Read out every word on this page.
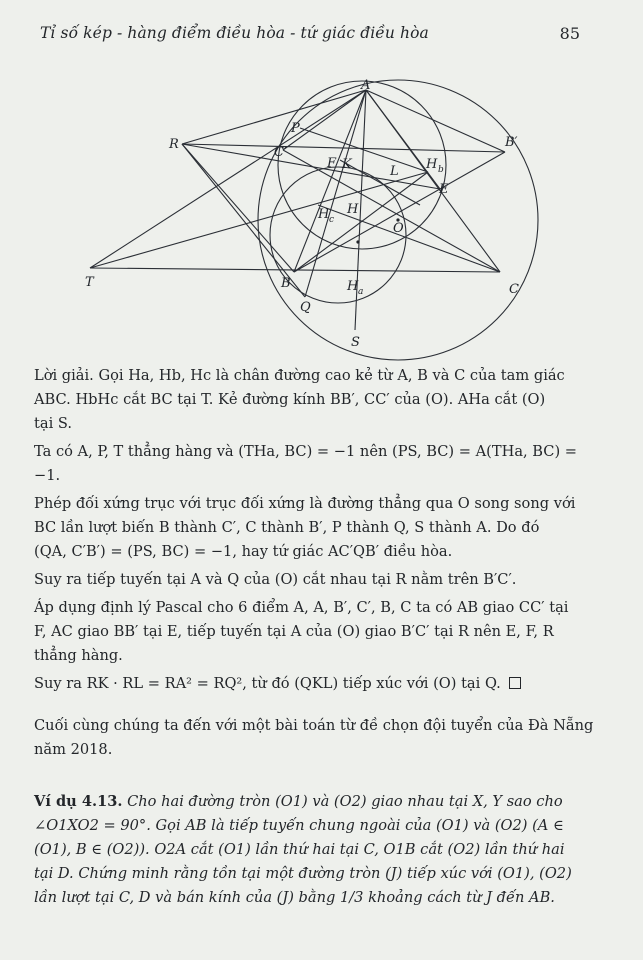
Tỉ số kép - hàng điểm điều hòa - tứ giác điều hòa	85
A
R	B′
P
C′
F K	L H b
E
H
H c
O
T	B	C
Q
H a
S

Lời giải. Gọi Ha, Hb, Hc là chân đường cao kẻ từ A, B và C của tam giác
ABC. HbHc cắt BC tại T. Kẻ đường kính BB′, CC′ của (O). AHa cắt (O)
tại S.

Ta có A, P, T thẳng hàng và (THa, BC) = −1 nên (PS, BC) = A(THa, BC) =
−1.

Phép đối xứng trục với trục đối xứng là đường thẳng qua O song song với
BC lần lượt biến B thành C′, C thành B′, P thành Q, S thành A. Do đó
(QA, C′B′) = (PS, BC) = −1, hay tứ giác AC′QB′ điều hòa.

Suy ra tiếp tuyến tại A và Q của (O) cắt nhau tại R nằm trên B′C′.

Áp dụng định lý Pascal cho 6 điểm A, A, B′, C′, B, C ta có AB giao CC′ tại
F, AC giao BB′ tại E, tiếp tuyến tại A của (O) giao B′C′ tại R nên E, F, R
thẳng hàng.

Suy ra RK · RL = RA² = RQ², từ đó (QKL) tiếp xúc với (O) tại Q.

Cuối cùng chúng ta đến với một bài toán từ đề chọn đội tuyển của Đà Nẵng
năm 2018.
Ví dụ 4.13. Cho hai đường tròn (O1) và (O2) giao nhau tại X, Y sao cho
∠O1XO2 = 90°. Gọi AB là tiếp tuyến chung ngoài của (O1) và (O2) (A ∈
(O1), B ∈ (O2)). O2A cắt (O1) lần thứ hai tại C, O1B cắt (O2) lần thứ hai
tại D. Chứng minh rằng tồn tại một đường tròn (J) tiếp xúc với (O1), (O2)
lần lượt tại C, D và bán kính của (J) bằng 1/3 khoảng cách từ J đến AB.
